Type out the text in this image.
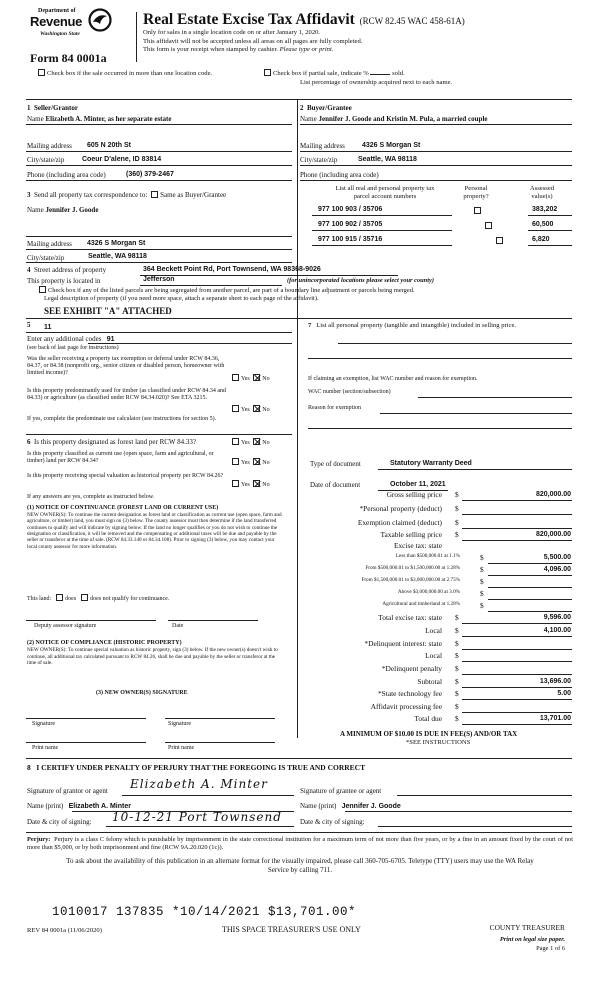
Department of
Revenue
Washington State
Form 84 0001a
Real Estate Excise Tax Affidavit (RCW 82.45 WAC 458-61A)
Only for sales in a single location code on or after January 1, 2020.
This affidavit will not be accepted unless all areas on all pages are fully completed.
This form is your receipt when stamped by cashier. Please type or print.
Check box if the sale occurred in more than one location code.	Check box if partial sale, indicate %	sold.
List percentage of ownership acquired next to each name.
1 Seller/Grantor
Name Elizabeth A. Minter, as her separate estate
2 Buyer/Grantee
Name Jennifer J. Goode and Kristin M. Pula, a married couple
Mailing address 605 N 20th St
City/state/zip	Coeur D'alene, ID 83814
Phone (including area code)	(360) 379-2467
Mailing address 4326 S Morgan St
City/state/zip	Seattle, WA 98118
Phone (including area code)
3 Send all property tax correspondence to: Same as Buyer/Grantee
Name Jennifer J. Goode
Mailing address 4326 S Morgan St
City/state/zip	Seattle, WA 98118
List all real and personal property tax
parcel account numbers
Personal
property?
Assessed
value(s)
977 100 903 / 35706	383,202
977 100 902 / 35705	60,500
977 100 915 / 35716	6,820
4 Street address of property	364 Beckett Point Rd, Port Townsend, WA 98368-9026
This property is located in	Jefferson	(for unincorporated locations please select your county)
Check box if any of the listed parcels are being segregated from another parcel, are part of a boundary line adjustment or parcels being merged.
Legal description of property (if you need more space, attach a separate sheet to each page of the affidavit).
SEE EXHIBIT "A" ATTACHED
5 11
Enter any additional codes 91
(see back of last page for instructions)
Was the seller receiving a property tax exemption or deferral under RCW 84.36, 84.37, or 84.38 (nonprofit org., senior citizen or disabled person, homeowner with limited income)?
Yes No
Is this property predominantly used for timber (as classified under RCW 84.34 and 84.33) or agriculture (as classified under RCW 84.34.020)? See ETA 3215.
Yes No
If yes, complete the predominate use calculator (see instructions for section 5).
6 Is this property designated as forest land per RCW 84.33?	Yes No
Is this property classified as current use (open space, farm and agricultural, or timber) land per RCW 84.34?	Yes No
Is this property receiving special valuation as historical property per RCW 84.26?
Yes No
If any answers are yes, complete as instructed below.
(1) NOTICE OF CONTINUANCE (FOREST LAND OR CURRENT USE)
NEW OWNER(S): To continue the current designation as forest land or classification as current use (open space, farm and agriculture, or timber) land, you must sign on (3) below. The county assessor must then determine if the land transferred continues to qualify and will indicate by signing below. If the land no longer qualifies or you do not wish to continue the designation or classification, it will be removed and the compensating or additional taxes will be due and payable by the seller or transferor at the time of sale. (RCW 84.33.140 or 84.34.108). Prior to signing (3) below, you may contact your local county assessor for more information.
This land: does does not qualify for continuance.
Deputy assessor signature	Date
(2) NOTICE OF COMPLIANCE (HISTORIC PROPERTY)
NEW OWNER(S): To continue special valuation as historic property, sign (3) below. If the new owner(s) doesn't wish to continue, all additional tax calculated pursuant to RCW 84.26, shall be due and payable by the seller or transferor at the time of sale.
(3) NEW OWNER(S) SIGNATURE
Signature	Signature
Print name	Print name
7 List all personal property (tangible and intangible) included in selling price.
If claiming an exemption, list WAC number and reason for exemption.
WAC number (section/subsection)
Reason for exemption
Type of document	Statutory Warranty Deed
Date of document	October 11, 2021
Gross selling price $	820,000.00
*Personal property (deduct) $
Exemption claimed (deduct) $
Taxable selling price $	820,000.00
Excise tax: state
Less than $500,000.01 at 1.1%	$	5,500.00
From $500,000.01 to $1,500,000.00 at 1.28%	$	4,096.00
From $1,500,000.01 to $3,000,000.00 at 2.75%	$
Above $3,000,000.00 at 3.0%	$
Agricultural and timberland at 1.28%	$
Total excise tax: state $	9,596.00
Local $	4,100.00
*Delinquent interest: state $
Local $
*Delinquent penalty $
Subtotal $	13,696.00
*State technology fee $	5.00
Affidavit processing fee $
Total due $	13,701.00
A MINIMUM OF $10.00 IS DUE IN FEE(S) AND/OR TAX
*SEE INSTRUCTIONS
8 I CERTIFY UNDER PENALTY OF PERJURY THAT THE FOREGOING IS TRUE AND CORRECT
Signature of grantor or agent Elizabeth A. Minter	Signature of grantee or agent
Name (print) Elizabeth A. Minter	Name (print) Jennifer J. Goode
Date & city of signing: 10-12-21 Port Townsend	Date & city of signing:
Perjury: Perjury is a class C felony which is punishable by imprisonment in the state correctional institution for a maximum term of not more than five years, or by a fine in an amount fixed by the court of not more than $5,000, or by both imprisonment and fine (RCW 9A.20.020 (1c)).
To ask about the availability of this publication in an alternate format for the visually impaired, please call 360-705-6705. Teletype (TTY) users may use the WA Relay Service by calling 711.
1010017 137835 *10/14/2021 $13,701.00*
REV 84 0001a (11/06/2020)	THIS SPACE TREASURER'S USE ONLY	COUNTY TREASURER
Print on legal size paper.
Page 1 of 6
